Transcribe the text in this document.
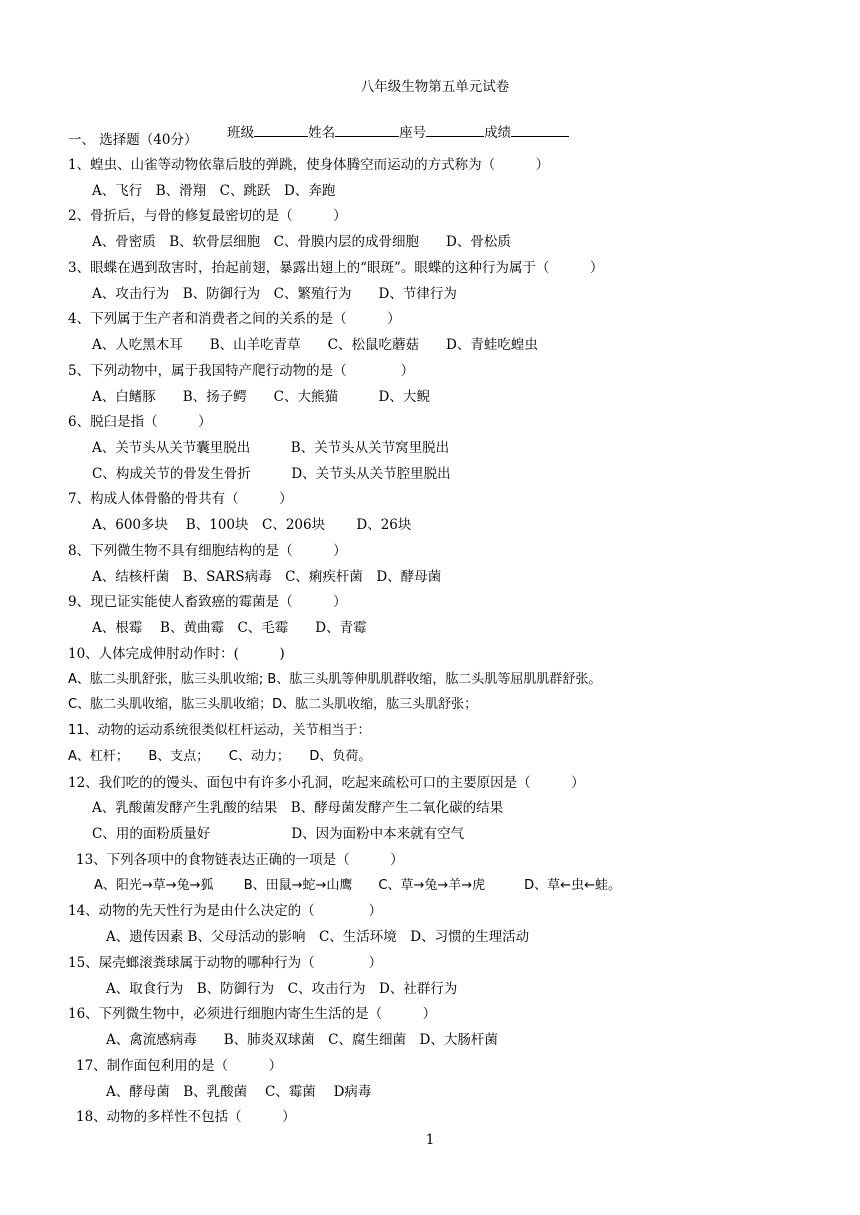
八年级生物第五单元试卷

班级	姓名	座号	成绩

一、 选择题（40分）
1、蝗虫、山雀等动物依靠后肢的弹跳，使身体腾空而运动的方式称为（　　　）
A、飞行　B、滑翔　C、跳跃　D、奔跑
2、骨折后，与骨的修复最密切的是（　　　）
A、骨密质　B、软骨层细胞　C、骨膜内层的成骨细胞　　D、骨松质
3、眼蝶在遇到敌害时，抬起前翅，暴露出翅上的“眼斑”。眼蝶的这种行为属于（　　　）
A、攻击行为　B、防御行为　C、繁殖行为　　D、节律行为
4、下列属于生产者和消费者之间的关系的是（　　　）
A、人吃黑木耳　　B、山羊吃青草　　C、松鼠吃蘑菇　　D、青蛙吃蝗虫
5、下列动物中，属于我国特产爬行动物的是（　　　　）
A、白鳍豚　　B、扬子鳄　　C、大熊猫　　　D、大鲵
6、脱臼是指（　　　）
A、关节头从关节囊里脱出　　　B、关节头从关节窝里脱出
C、构成关节的骨发生骨折　　　D、关节头从关节腔里脱出
7、构成人体骨骼的骨共有（　　　）
A、600多块　 B、100块　C、206块　　 D、26块
8、下列微生物不具有细胞结构的是（　　　）
A、结核杆菌　B、SARS病毒　C、痢疾杆菌　D、酵母菌
9、现已证实能使人畜致癌的霉菌是（　　　）
A、根霉　 B、黄曲霉　C、毛霉　　D、青霉
10、人体完成伸肘动作时：(　　　)
A、肱二头肌舒张，肱三头肌收缩; B、肱三头肌等伸肌肌群收缩，肱二头肌等屈肌肌群舒张。
C、肱二头肌收缩，肱三头肌收缩；D、肱二头肌收缩，肱三头肌舒张；
11、动物的运动系统很类似杠杆运动，关节相当于：
A、杠杆；　　B、支点；　　C、动力；　　D、负荷。
12、我们吃的的馒头、面包中有许多小孔洞，吃起来疏松可口的主要原因是（　　　）
A、乳酸菌发酵产生乳酸的结果　B、酵母菌发酵产生二氧化碳的结果
C、用的面粉质量好　　　　　　D、因为面粉中本来就有空气
13、下列各项中的食物链表达正确的一项是（　　　）
A、阳光→草→兔→狐　　 B、田鼠→蛇→山鹰　　C、草→兔→羊→虎　　　D、草←虫←蛙。
14、动物的先天性行为是由什么决定的（　　　　）
A、遗传因素 B、父母活动的影响　C、生活环境　D、习惯的生理活动
15、屎壳螂滚粪球属于动物的哪种行为（　　　　）
A、取食行为　B、防御行为　C、攻击行为　D、社群行为
16、下列微生物中，必须进行细胞内寄生生活的是（　　　）
A、禽流感病毒　　B、肺炎双球菌　C、腐生细菌　D、大肠杆菌
17、制作面包利用的是（　　　）
A、酵母菌　B、乳酸菌　 C、霉菌　 D病毒
18、动物的多样性不包括（　　　）
1
